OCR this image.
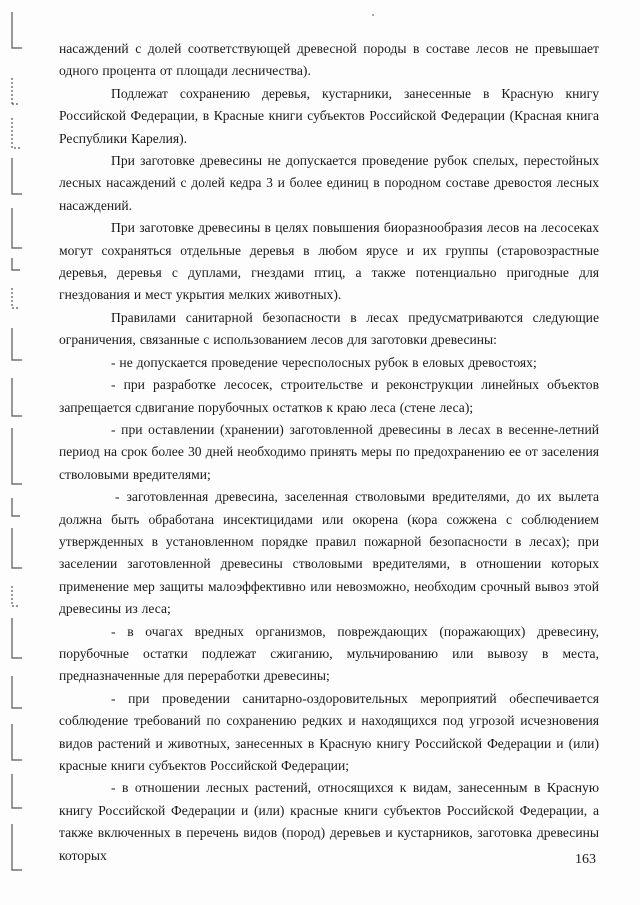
насаждений с долей соответствующей древесной породы в составе лесов не превышает одного процента от площади лесничества).

Подлежат сохранению деревья, кустарники, занесенные в Красную книгу Российской Федерации, в Красные книги субъектов Российской Федерации (Красная книга Республики Карелия).

При заготовке древесины не допускается проведение рубок спелых, перестойных лесных насаждений с долей кедра 3 и более единиц в породном составе древостоя лесных насаждений.

При заготовке древесины в целях повышения биоразнообразия лесов на лесосеках могут сохраняться отдельные деревья в любом ярусе и их группы (старовозрастные деревья, деревья с дуплами, гнездами птиц, а также потенциально пригодные для гнездования и мест укрытия мелких животных).

Правилами санитарной безопасности в лесах предусматриваются следующие ограничения, связанные с использованием лесов для заготовки древесины:

- не допускается проведение чересполосных рубок в еловых древостоях;

- при разработке лесосек, строительстве и реконструкции линейных объектов запрещается сдвигание порубочных остатков к краю леса (стене леса);

- при оставлении (хранении) заготовленной древесины в лесах в весенне-летний период на срок более 30 дней необходимо принять меры по предохранению ее от заселения стволовыми вредителями;

- заготовленная древесина, заселенная стволовыми вредителями, до их вылета должна быть обработана инсектицидами или окорена (кора сожжена с соблюдением утвержденных в установленном порядке правил пожарной безопасности в лесах); при заселении заготовленной древесины стволовыми вредителями, в отношении которых применение мер защиты малоэффективно или невозможно, необходим срочный вывоз этой древесины из леса;

- в очагах вредных организмов, повреждающих (поражающих) древесину, порубочные остатки подлежат сжиганию, мульчированию или вывозу в места, предназначенные для переработки древесины;

- при проведении санитарно-оздоровительных мероприятий обеспечивается соблюдение требований по сохранению редких и находящихся под угрозой исчезновения видов растений и животных, занесенных в Красную книгу Российской Федерации и (или) красные книги субъектов Российской Федерации;

- в отношении лесных растений, относящихся к видам, занесенным в Красную книгу Российской Федерации и (или) красные книги субъектов Российской Федерации, а также включенных в перечень видов (пород) деревьев и кустарников, заготовка древесины которых	163
